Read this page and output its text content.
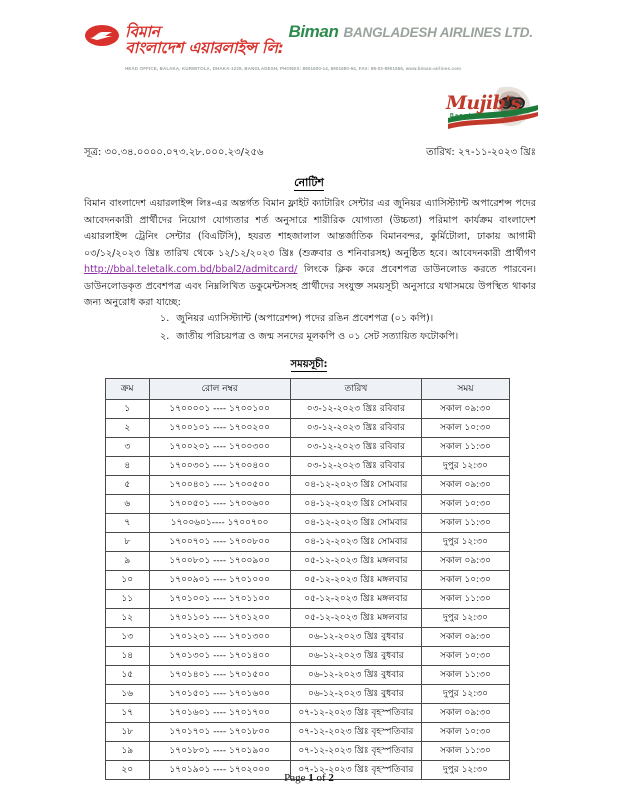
বিমান
বাংলাদেশ এয়ারলাইন্স লি:
Biman BANGLADESH AIRLINES LTD.
HEAD OFFICE, BALAKA, KURMITOLA, DHAKA-1229, BANGLADESH, PHONES: 8901600-14, 8901680-94, FAX: 88-02-8901556, www.biman-airlines.com
Mujib's
Bangladesh
সূত্র: ৩০.৩৪.০০০০.০৭৩.২৮.০০০.২৩/২৫৬	তারিখ: ২৭-১১-২০২৩ খ্রিঃ
নোটিশ
বিমান বাংলাদেশ এয়ারলাইন্স লিঃ-এর অন্তর্গত বিমান ফ্লাইট ক্যাটারিং সেন্টার এর জুনিয়র এ্যাসিস্ট্যান্ট অপারেশন্স পদের আবেদনকারী প্রার্থীদের নিয়োগ যোগ্যতার শর্ত অনুসারে শারীরিক যোগ্যতা (উচ্চতা) পরিমাপ কার্যক্রম বাংলাদেশ এয়ারলাইন্স ট্রেনিং সেন্টার (বিএটিসি), হযরত শাহজালাল আন্তর্জাতিক বিমানবন্দর, কুর্মিটোলা, ঢাকায় আগামী ০৩/১২/২০২৩ খ্রিঃ তারিখ থেকে ১২/১২/২০২৩ খ্রিঃ (শুক্রবার ও শনিবারসহ) অনুষ্ঠিত হবে। আবেদনকারী প্রার্থীগণ http://bbal.teletalk.com.bd/bbal2/admitcard/ লিংকে ক্লিক করে প্রবেশপত্র ডাউনলোড করতে পারবেন। ডাউনলোডকৃত প্রবেশপত্র এবং নিম্নলিখিত ডকুমেন্টসসহ প্রার্থীদের সংযুক্ত সময়সূচী অনুসারে যথাসময়ে উপস্থিত থাকার জন্য অনুরোধ করা যাচ্ছে:
১. জুনিয়র এ্যাসিস্ট্যান্ট (অপারেশন্স) পদের রঙিন প্রবেশপত্র (০১ কপি)।
২. জাতীয় পরিচয়পত্র ও জন্ম সনদের মূলকপি ও ০১ সেট সত্যায়িত ফটোকপি।
সময়সূচী:
ক্রম	রোল নম্বর	তারিখ	সময়
১	১৭০০০০১ ---- ১৭০০১০০	০৩-১২-২০২৩ খ্রিঃ রবিবার	সকাল ০৯:৩০
২	১৭০০১০১ ---- ১৭০০২০০	০৩-১২-২০২৩ খ্রিঃ রবিবার	সকাল ১০:৩০
৩	১৭০০২০১ ---- ১৭০০৩০০	০৩-১২-২০২৩ খ্রিঃ রবিবার	সকাল ১১:৩০
৪	১৭০০৩০১ ---- ১৭০০৪০০	০৩-১২-২০২৩ খ্রিঃ রবিবার	দুপুর ১২:৩০
৫	১৭০০৪০১ ---- ১৭০০৫০০	০৪-১২-২০২৩ খ্রিঃ সোমবার	সকাল ০৯:৩০
৬	১৭০০৫০১ ---- ১৭০০৬০০	০৪-১২-২০২৩ খ্রিঃ সোমবার	সকাল ১০:৩০
৭	১৭০০৬০১---- ১৭০০৭০০	০৪-১২-২০২৩ খ্রিঃ সোমবার	সকাল ১১:৩০
৮	১৭০০৭০১ ---- ১৭০০৮০০	০৪-১২-২০২৩ খ্রিঃ সোমবার	দুপুর ১২:৩০
৯	১৭০০৮০১ ---- ১৭০০৯০০	০৫-১২-২০২৩ খ্রিঃ মঙ্গলবার	সকাল ০৯:৩০
১০	১৭০০৯০১ ---- ১৭০১০০০	০৫-১২-২০২৩ খ্রিঃ মঙ্গলবার	সকাল ১০:৩০
১১	১৭০১০০১ ---- ১৭০১১০০	০৫-১২-২০২৩ খ্রিঃ মঙ্গলবার	সকাল ১১:৩০
১২	১৭০১১০১ ---- ১৭০১২০০	০৫-১২-২০২৩ খ্রিঃ মঙ্গলবার	দুপুর ১২:৩০
১৩	১৭০১২০১ ---- ১৭০১৩০০	০৬-১২-২০২৩ খ্রিঃ বুধবার	সকাল ০৯:৩০
১৪	১৭০১৩০১ ---- ১৭০১৪০০	০৬-১২-২০২৩ খ্রিঃ বুধবার	সকাল ১০:৩০
১৫	১৭০১৪০১ ---- ১৭০১৫০০	০৬-১২-২০২৩ খ্রিঃ বুধবার	সকাল ১১:৩০
১৬	১৭০১৫০১ ---- ১৭০১৬০০	০৬-১২-২০২৩ খ্রিঃ বুধবার	দুপুর ১২:৩০
১৭	১৭০১৬০১ ---- ১৭০১৭০০	০৭-১২-২০২৩ খ্রিঃ বৃহস্পতিবার	সকাল ০৯:৩০
১৮	১৭০১৭০১ ---- ১৭০১৮০০	০৭-১২-২০২৩ খ্রিঃ বৃহস্পতিবার	সকাল ১০:৩০
১৯	১৭০১৮০১ ---- ১৭০১৯০০	০৭-১২-২০২৩ খ্রিঃ বৃহস্পতিবার	সকাল ১১:৩০
২০	১৭০১৯০১ ---- ১৭০২০০০	০৭-১২-২০২৩ খ্রিঃ বৃহস্পতিবার	দুপুর ১২:৩০
Page 1 of 2
